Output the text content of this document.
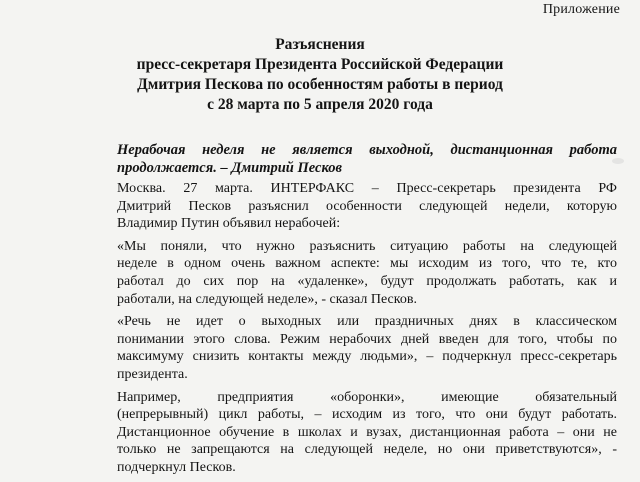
Приложение
Разъяснения
пресс-секретаря Президента Российской Федерации
Дмитрия Пескова по особенностям работы в период
с 28 марта по 5 апреля 2020 года
Нерабочая неделя не является выходной, дистанционная работа
продолжается. – Дмитрий Песков
Москва. 27 марта. ИНТЕРФАКС – Пресс-секретарь президента РФ
Дмитрий Песков разъяснил особенности следующей недели, которую
Владимир Путин объявил нерабочей:
«Мы поняли, что нужно разъяснить ситуацию работы на следующей
неделе в одном очень важном аспекте: мы исходим из того, что те, кто
работал до сих пор на «удаленке», будут продолжать работать, как и
работали, на следующей неделе», - сказал Песков.
«Речь не идет о выходных или праздничных днях в классическом
понимании этого слова. Режим нерабочих дней введен для того, чтобы по
максимуму снизить контакты между людьми», – подчеркнул пресс-секретарь
президента.
Например, предприятия «оборонки», имеющие обязательный
(непрерывный) цикл работы, – исходим из того, что они будут работать.
Дистанционное обучение в школах и вузах, дистанционная работа – они не
только не запрещаются на следующей неделе, но они приветствуются», -
подчеркнул Песков.
